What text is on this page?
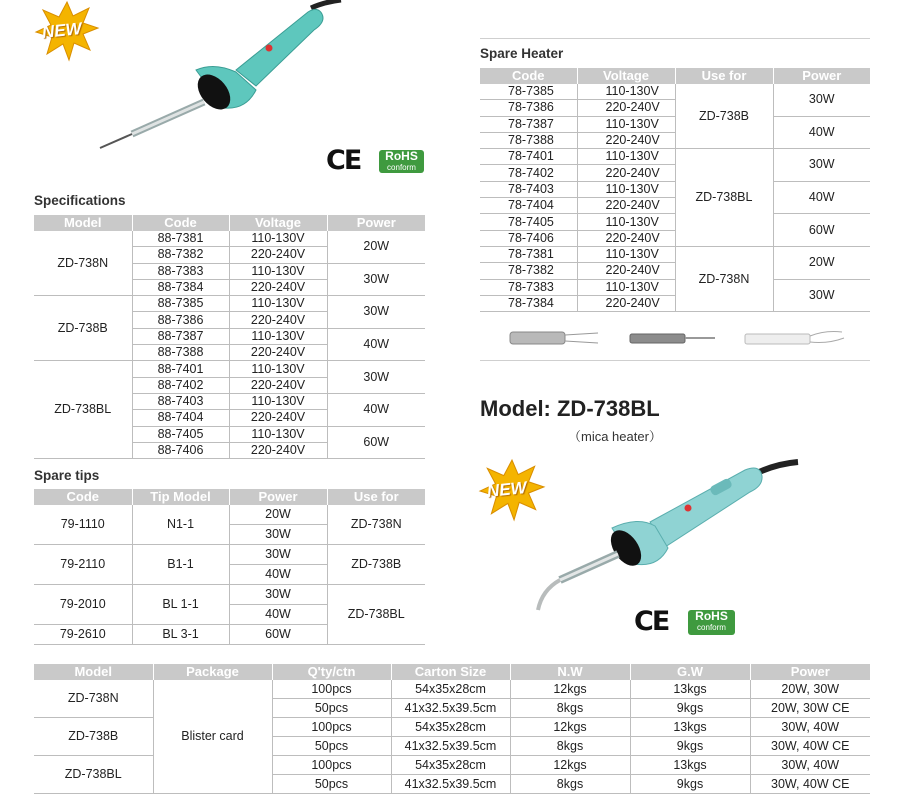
NEW
CE	RoHS
conform
Specifications
Model	Code	Voltage	Power
ZD-738N	88-7381	110-130V	20W
	88-7382	220-240V	
	88-7383	110-130V	30W
	88-7384	220-240V	
ZD-738B	88-7385	110-130V	30W
	88-7386	220-240V	
	88-7387	110-130V	40W
	88-7388	220-240V	
ZD-738BL	88-7401	110-130V	30W
	88-7402	220-240V	
	88-7403	110-130V	40W
	88-7404	220-240V	
	88-7405	110-130V	60W
	88-7406	220-240V	
Spare tips
Code	Tip Model	Power	Use for
79-1110	N1-1	20W	ZD-738N
		30W	
79-2110	B1-1	30W	ZD-738B
		40W	
79-2010	BL 1-1	30W	ZD-738BL
		40W	
79-2610	BL 3-1	60W	
Spare Heater
Code	Voltage	Use for	Power
78-7385	110-130V	ZD-738B	30W
78-7386	220-240V		
78-7387	110-130V		40W
78-7388	220-240V		
78-7401	110-130V	ZD-738BL	30W
78-7402	220-240V		
78-7403	110-130V		40W
78-7404	220-240V		
78-7405	110-130V		60W
78-7406	220-240V		
78-7381	110-130V	ZD-738N	20W
78-7382	220-240V		
78-7383	110-130V		30W
78-7384	220-240V		
Model: ZD-738BL
（mica heater）
NEW
CE	RoHS
conform
Model	Package	Q'ty/ctn	Carton Size	N.W	G.W	Power
ZD-738N	Blister card	100pcs	54x35x28cm	12kgs	13kgs	20W, 30W
		50pcs	41x32.5x39.5cm	8kgs	9kgs	20W, 30W CE
ZD-738B		100pcs	54x35x28cm	12kgs	13kgs	30W, 40W
		50pcs	41x32.5x39.5cm	8kgs	9kgs	30W, 40W CE
ZD-738BL		100pcs	54x35x28cm	12kgs	13kgs	30W, 40W
		50pcs	41x32.5x39.5cm	8kgs	9kgs	30W, 40W CE
